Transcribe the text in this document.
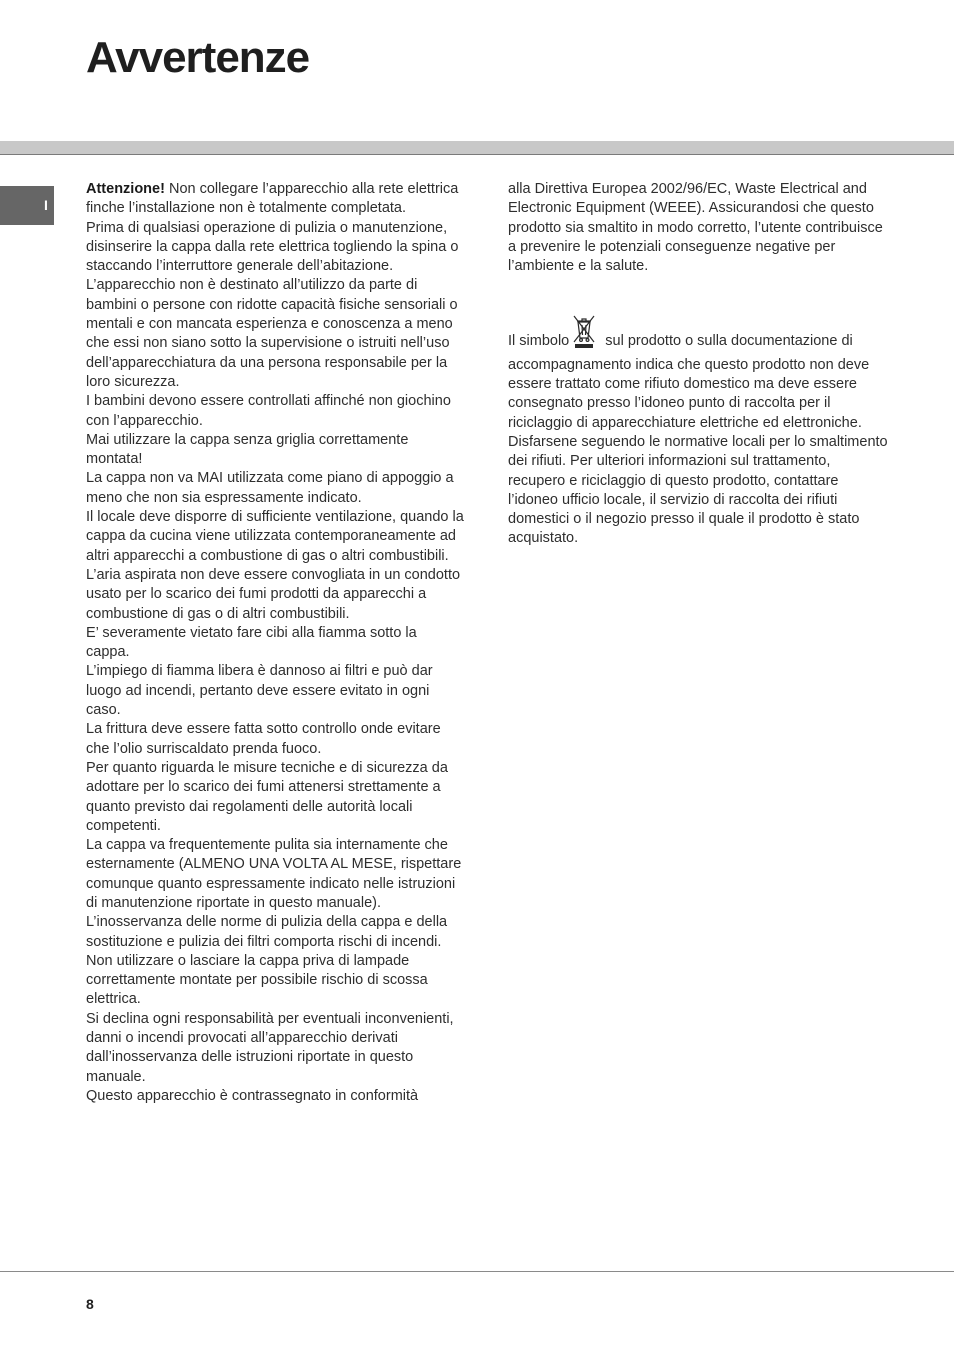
Avvertenze
I

Attenzione! Non collegare l’apparecchio alla rete elettrica finche l’installazione non è totalmente completata.

Prima di qualsiasi operazione di pulizia o manutenzione, disinserire la cappa dalla rete elettrica togliendo la spina o staccando l’interruttore generale dell’abitazione.

L’apparecchio non è destinato all’utilizzo da parte di bambini o persone con ridotte capacità fisiche sensoriali o mentali e con mancata esperienza e conoscenza a meno che essi non siano sotto la supervisione o istruiti nell’uso dell’apparecchiatura da una persona responsabile per la loro sicurezza.

I bambini devono essere controllati affinché non giochino con l’apparecchio.

Mai utilizzare la cappa senza griglia correttamente montata!

La cappa non va MAI utilizzata come piano di appoggio a meno che non sia espressamente indicato.

Il locale deve disporre di sufficiente ventilazione, quando la cappa da cucina viene utilizzata contemporaneamente ad altri apparecchi a combustione di gas o altri combustibili.

L’aria aspirata non deve essere convogliata in un condotto usato per lo scarico dei fumi prodotti da apparecchi a combustione di gas o di altri combustibili.

E’ severamente vietato fare cibi alla fiamma sotto la cappa.

L’impiego di fiamma libera è dannoso ai filtri e può dar luogo ad incendi, pertanto deve essere evitato in ogni caso.

La frittura deve essere fatta sotto controllo onde evitare che l’olio surriscaldato prenda fuoco.

Per quanto riguarda le misure tecniche e di sicurezza da adottare per lo scarico dei fumi attenersi strettamente a quanto previsto dai regolamenti delle autorità locali competenti.

La cappa va frequentemente pulita sia internamente che esternamente (ALMENO UNA VOLTA AL MESE, rispettare comunque quanto espressamente indicato nelle istruzioni di manutenzione riportate in questo manuale).

L’inosservanza delle norme di pulizia della cappa e della sostituzione e pulizia dei filtri comporta rischi di incendi.

Non utilizzare o lasciare la cappa priva di lampade correttamente montate per possibile rischio di scossa elettrica.

Si declina ogni responsabilità per eventuali inconvenienti, danni o incendi provocati all’apparecchio derivati dall’inosservanza delle istruzioni riportate in questo manuale.

Questo apparecchio è contrassegnato in conformità

alla Direttiva Europea 2002/96/EC, Waste Electrical and Electronic Equipment (WEEE). Assicurandosi che questo prodotto sia smaltito in modo corretto, l’utente contribuisce a prevenire le potenziali conseguenze negative per l’ambiente e la salute.

Il simbolo sul prodotto o sulla documentazione di accompagnamento indica che questo prodotto non deve essere trattato come rifiuto domestico ma deve essere consegnato presso l’idoneo punto di raccolta per il riciclaggio di apparecchiature elettriche ed elettroniche. Disfarsene seguendo le normative locali per lo smaltimento dei rifiuti. Per ulteriori informazioni sul trattamento, recupero e riciclaggio di questo prodotto, contattare l’idoneo ufficio locale, il servizio di raccolta dei rifiuti domestici o il negozio presso il quale il prodotto è stato acquistato.

8
